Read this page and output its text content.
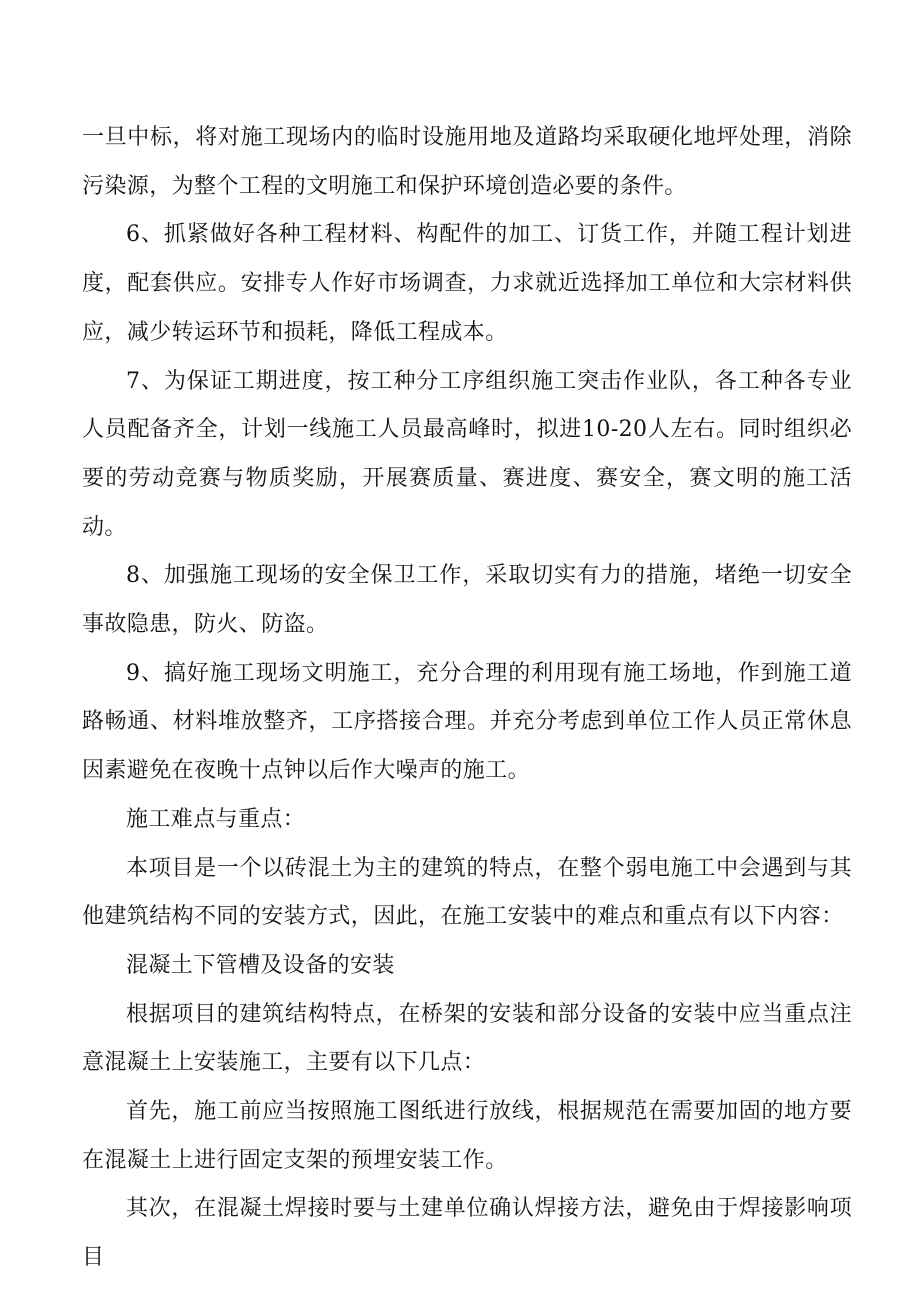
一旦中标，将对施工现场内的临时设施用地及道路均采取硬化地坪处理，消除污染源，为整个工程的文明施工和保护环境创造必要的条件。

6、抓紧做好各种工程材料、构配件的加工、订货工作，并随工程计划进度，配套供应。安排专人作好市场调查，力求就近选择加工单位和大宗材料供应，减少转运环节和损耗，降低工程成本。

7、为保证工期进度，按工种分工序组织施工突击作业队，各工种各专业人员配备齐全，计划一线施工人员最高峰时，拟进10-20人左右。同时组织必要的劳动竞赛与物质奖励，开展赛质量、赛进度、赛安全，赛文明的施工活动。

8、加强施工现场的安全保卫工作，采取切实有力的措施，堵绝一切安全事故隐患，防火、防盗。

9、搞好施工现场文明施工，充分合理的利用现有施工场地，作到施工道路畅通、材料堆放整齐，工序搭接合理。并充分考虑到单位工作人员正常休息因素避免在夜晚十点钟以后作大噪声的施工。

施工难点与重点：

本项目是一个以砖混土为主的建筑的特点，在整个弱电施工中会遇到与其他建筑结构不同的安装方式，因此，在施工安装中的难点和重点有以下内容：

混凝土下管槽及设备的安装

根据项目的建筑结构特点，在桥架的安装和部分设备的安装中应当重点注意混凝土上安装施工，主要有以下几点：

首先，施工前应当按照施工图纸进行放线，根据规范在需要加固的地方要在混凝土上进行固定支架的预埋安装工作。

其次，在混凝土焊接时要与土建单位确认焊接方法，避免由于焊接影响项目
